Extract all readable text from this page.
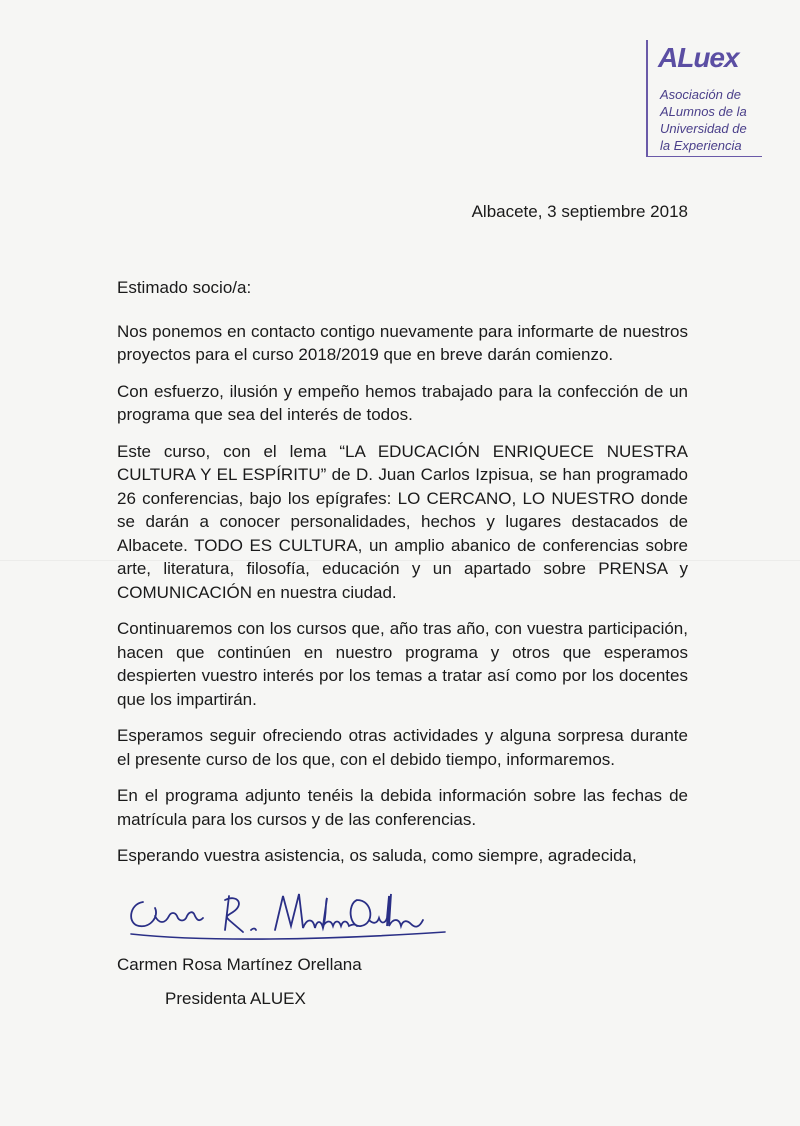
ALuex
Asociación de
ALumnos de la
Universidad de
la Experiencia
Albacete, 3 septiembre 2018

Estimado socio/a:

Nos ponemos en contacto contigo nuevamente para informarte de nuestros proyectos para el curso 2018/2019 que en breve darán comienzo.

Con esfuerzo, ilusión y empeño hemos trabajado para la confección de un programa que sea del interés de todos.

Este curso, con el lema “LA EDUCACIÓN ENRIQUECE NUESTRA CULTURA Y EL ESPÍRITU” de D. Juan Carlos Izpisua, se han programado 26 conferencias, bajo los epígrafes: LO CERCANO, LO NUESTRO donde se darán a conocer personalidades, hechos y lugares destacados de Albacete. TODO ES CULTURA, un amplio abanico de conferencias sobre arte, literatura, filosofía, educación y un apartado sobre PRENSA y COMUNICACIÓN en nuestra ciudad.

Continuaremos con los cursos que, año tras año, con vuestra participación, hacen que continúen en nuestro programa y otros que esperamos despierten vuestro interés por los temas a tratar así como por los docentes que los impartirán.

Esperamos seguir ofreciendo otras actividades y alguna sorpresa durante el presente curso de los que, con el debido tiempo, informaremos.

En el programa adjunto tenéis la debida información sobre las fechas de matrícula para los cursos y de las conferencias.

Esperando vuestra asistencia, os saluda, como siempre, agradecida,

Carmen Rosa Martínez Orellana
Presidenta ALUEX
